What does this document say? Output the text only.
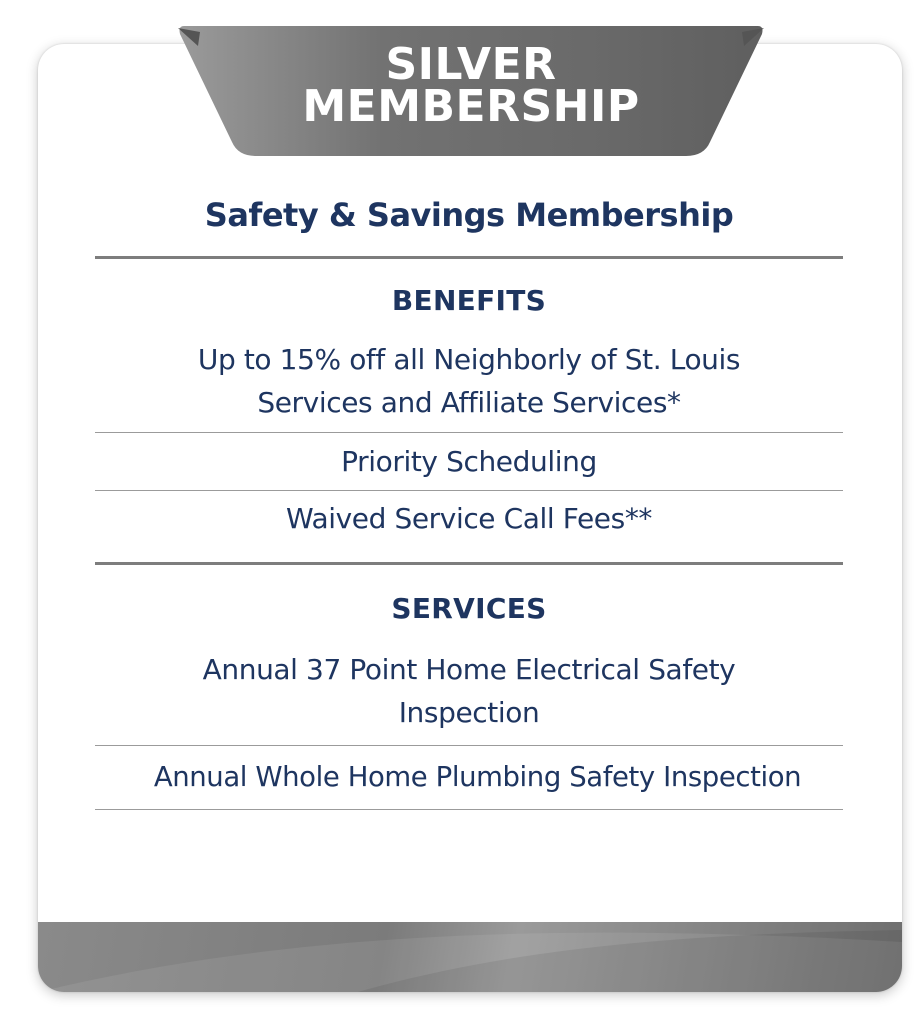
SILVER
MEMBERSHIP
Safety & Savings Membership
BENEFITS
Up to 15% off all Neighborly of St. Louis
Services and Affiliate Services*
Priority Scheduling
Waived Service Call Fees**
SERVICES
Annual 37 Point Home Electrical Safety
Inspection
Annual Whole Home Plumbing Safety Inspection
